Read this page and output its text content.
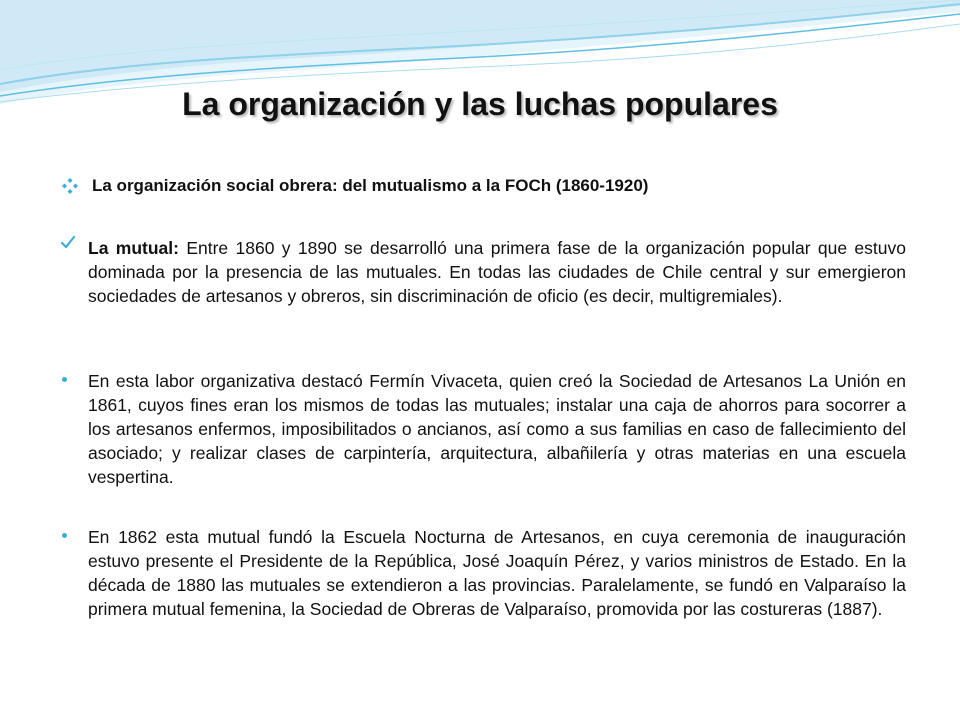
La organización y las luchas populares
La organización social obrera: del mutualismo a la FOCh (1860-1920)
La mutual: Entre 1860 y 1890 se desarrolló una primera fase de la organización popular que estuvo dominada por la presencia de las mutuales. En todas las ciudades de Chile central y sur emergieron sociedades de artesanos y obreros, sin discriminación de oficio (es decir, multigremiales).
En esta labor organizativa destacó Fermín Vivaceta, quien creó la Sociedad de Artesanos La Unión en 1861, cuyos fines eran los mismos de todas las mutuales; instalar una caja de ahorros para socorrer a los artesanos enfermos, imposibilitados o ancianos, así como a sus familias en caso de fallecimiento del asociado; y realizar clases de carpintería, arquitectura, albañilería y otras materias en una escuela vespertina.
En 1862 esta mutual fundó la Escuela Nocturna de Artesanos, en cuya ceremonia de inauguración estuvo presente el Presidente de la República, José Joaquín Pérez, y varios ministros de Estado. En la década de 1880 las mutuales se extendieron a las provincias. Paralelamente, se fundó en Valparaíso la primera mutual femenina, la Sociedad de Obreras de Valparaíso, promovida por las costureras (1887).
